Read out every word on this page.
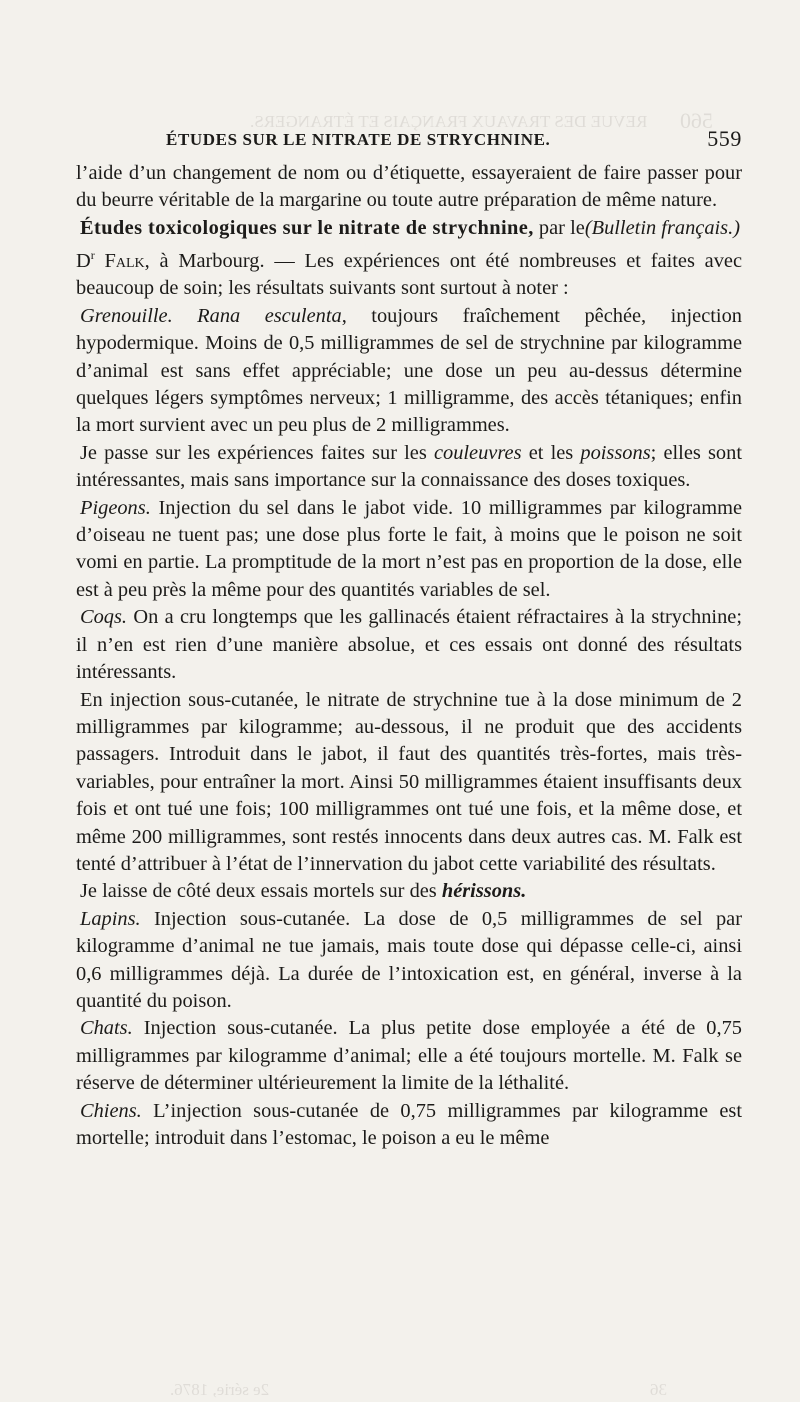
REVUE DES TRAVAUX FRANÇAIS ET ÉTRANGERS. 560
2e série, 1876.	36
ÉTUDES SUR LE NITRATE DE STRYCHNINE.	559

l’aide d’un changement de nom ou d’étiquette, essayeraient de faire passer pour du beurre véritable de la margarine ou toute autre préparation de même nature.
(Bulletin français.)

Études toxicologiques sur le nitrate de strychnine, par le $D^r$ Falk, à Marbourg. — Les expériences ont été nombreuses et faites avec beaucoup de soin; les résultats suivants sont surtout à noter :

Grenouille. Rana esculenta, toujours fraîchement pêchée, injection hypodermique. Moins de 0,5 milligrammes de sel de strychnine par kilogramme d’animal est sans effet appréciable; une dose un peu au-dessus détermine quelques légers symptômes nerveux; 1 milligramme, des accès tétaniques; enfin la mort survient avec un peu plus de 2 milligrammes.

Je passe sur les expériences faites sur les couleuvres et les poissons; elles sont intéressantes, mais sans importance sur la connaissance des doses toxiques.

Pigeons. Injection du sel dans le jabot vide. 10 milligrammes par kilogramme d’oiseau ne tuent pas; une dose plus forte le fait, à moins que le poison ne soit vomi en partie. La promptitude de la mort n’est pas en proportion de la dose, elle est à peu près la même pour des quantités variables de sel.

Coqs. On a cru longtemps que les gallinacés étaient réfractaires à la strychnine; il n’en est rien d’une manière absolue, et ces essais ont donné des résultats intéressants.

En injection sous-cutanée, le nitrate de strychnine tue à la dose minimum de 2 milligrammes par kilogramme; au-dessous, il ne produit que des accidents passagers. Introduit dans le jabot, il faut des quantités très-fortes, mais très-variables, pour entraîner la mort. Ainsi 50 milligrammes étaient insuffisants deux fois et ont tué une fois; 100 milligrammes ont tué une fois, et la même dose, et même 200 milligrammes, sont restés innocents dans deux autres cas. M. Falk est tenté d’attribuer à l’état de l’innervation du jabot cette variabilité des résultats.

Je laisse de côté deux essais mortels sur des hérissons.

Lapins. Injection sous-cutanée. La dose de 0,5 milligrammes de sel par kilogramme d’animal ne tue jamais, mais toute dose qui dépasse celle-ci, ainsi 0,6 milligrammes déjà. La durée de l’intoxication est, en général, inverse à la quantité du poison.

Chats. Injection sous-cutanée. La plus petite dose employée a été de 0,75 milligrammes par kilogramme d’animal; elle a été toujours mortelle. M. Falk se réserve de déterminer ultérieurement la limite de la léthalité.

Chiens. L’injection sous-cutanée de 0,75 milligrammes par kilogramme est mortelle; introduit dans l’estomac, le poison a eu le même
